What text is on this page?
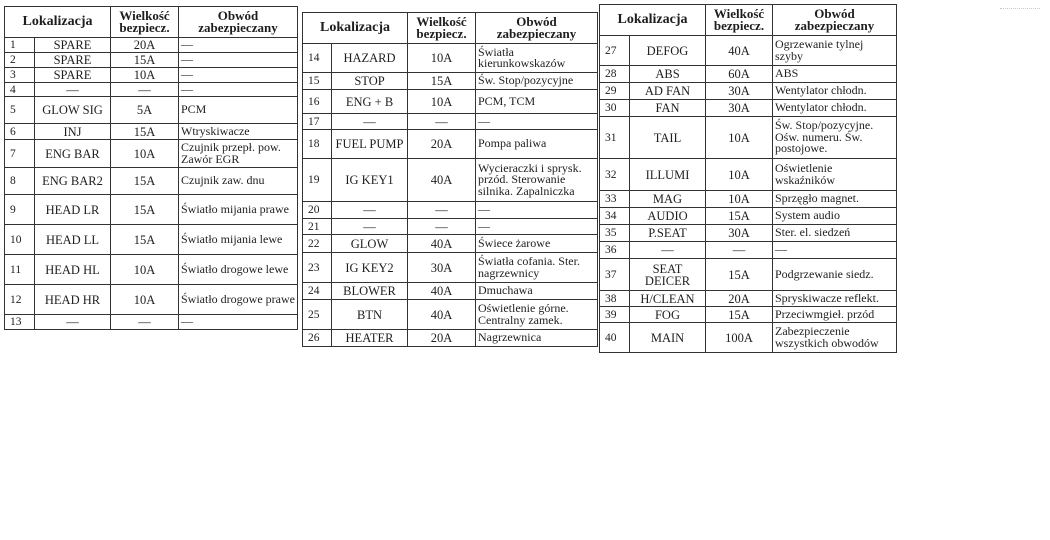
Lokalizacja		Wielkość
bezpiecz.	Obwód
zabezpieczany
1	SPARE	20A	—
2	SPARE	15A	—
3	SPARE	10A	—
4	—	—	—
5	GLOW SIG	5A	PCM
6	INJ	15A	Wtryskiwacze
7	ENG BAR	10A	Czujnik przepł. pow. Zawór EGR
8	ENG BAR2	15A	Czujnik zaw. dnu
9	HEAD LR	15A	Światło mijania prawe
10	HEAD LL	15A	Światło mijania lewe
11	HEAD HL	10A	Światło drogowe lewe
12	HEAD HR	10A	Światło drogowe prawe
13	—	—	—
Lokalizacja		Wielkość
bezpiecz.	Obwód
zabezpieczany
14	HAZARD	10A	Światła kierunkowskazów
15	STOP	15A	Św. Stop/pozycyjne
16	ENG + B	10A	PCM, TCM
17	—	—	—
18	FUEL PUMP	20A	Pompa paliwa
19	IG KEY1	40A	Wycieraczki i sprysk. przód. Sterowanie silnika. Zapalniczka
20	—	—	—
21	—	—	—
22	GLOW	40A	Świece żarowe
23	IG KEY2	30A	Światła cofania. Ster. nagrzewnicy
24	BLOWER	40A	Dmuchawa
25	BTN	40A	Oświetlenie górne. Centralny zamek.
26	HEATER	20A	Nagrzewnica
Lokalizacja		Wielkość
bezpiecz.	Obwód
zabezpieczany
27	DEFOG	40A	Ogrzewanie tylnej szyby
28	ABS	60A	ABS
29	AD FAN	30A	Wentylator chłodn.
30	FAN	30A	Wentylator chłodn.
31	TAIL	10A	Św. Stop/pozycyjne. Ośw. numeru. Św. postojowe.
32	ILLUMI	10A	Oświetlenie wskaźników
33	MAG	10A	Sprzęgło magnet.
34	AUDIO	15A	System audio
35	P.SEAT	30A	Ster. el. siedzeń
36	—	—	—
37	SEAT DEICER	15A	Podgrzewanie siedz.
38	H/CLEAN	20A	Spryskiwacze reflekt.
39	FOG	15A	Przeciwmgieł. przód
40	MAIN	100A	Zabezpieczenie wszystkich obwodów
